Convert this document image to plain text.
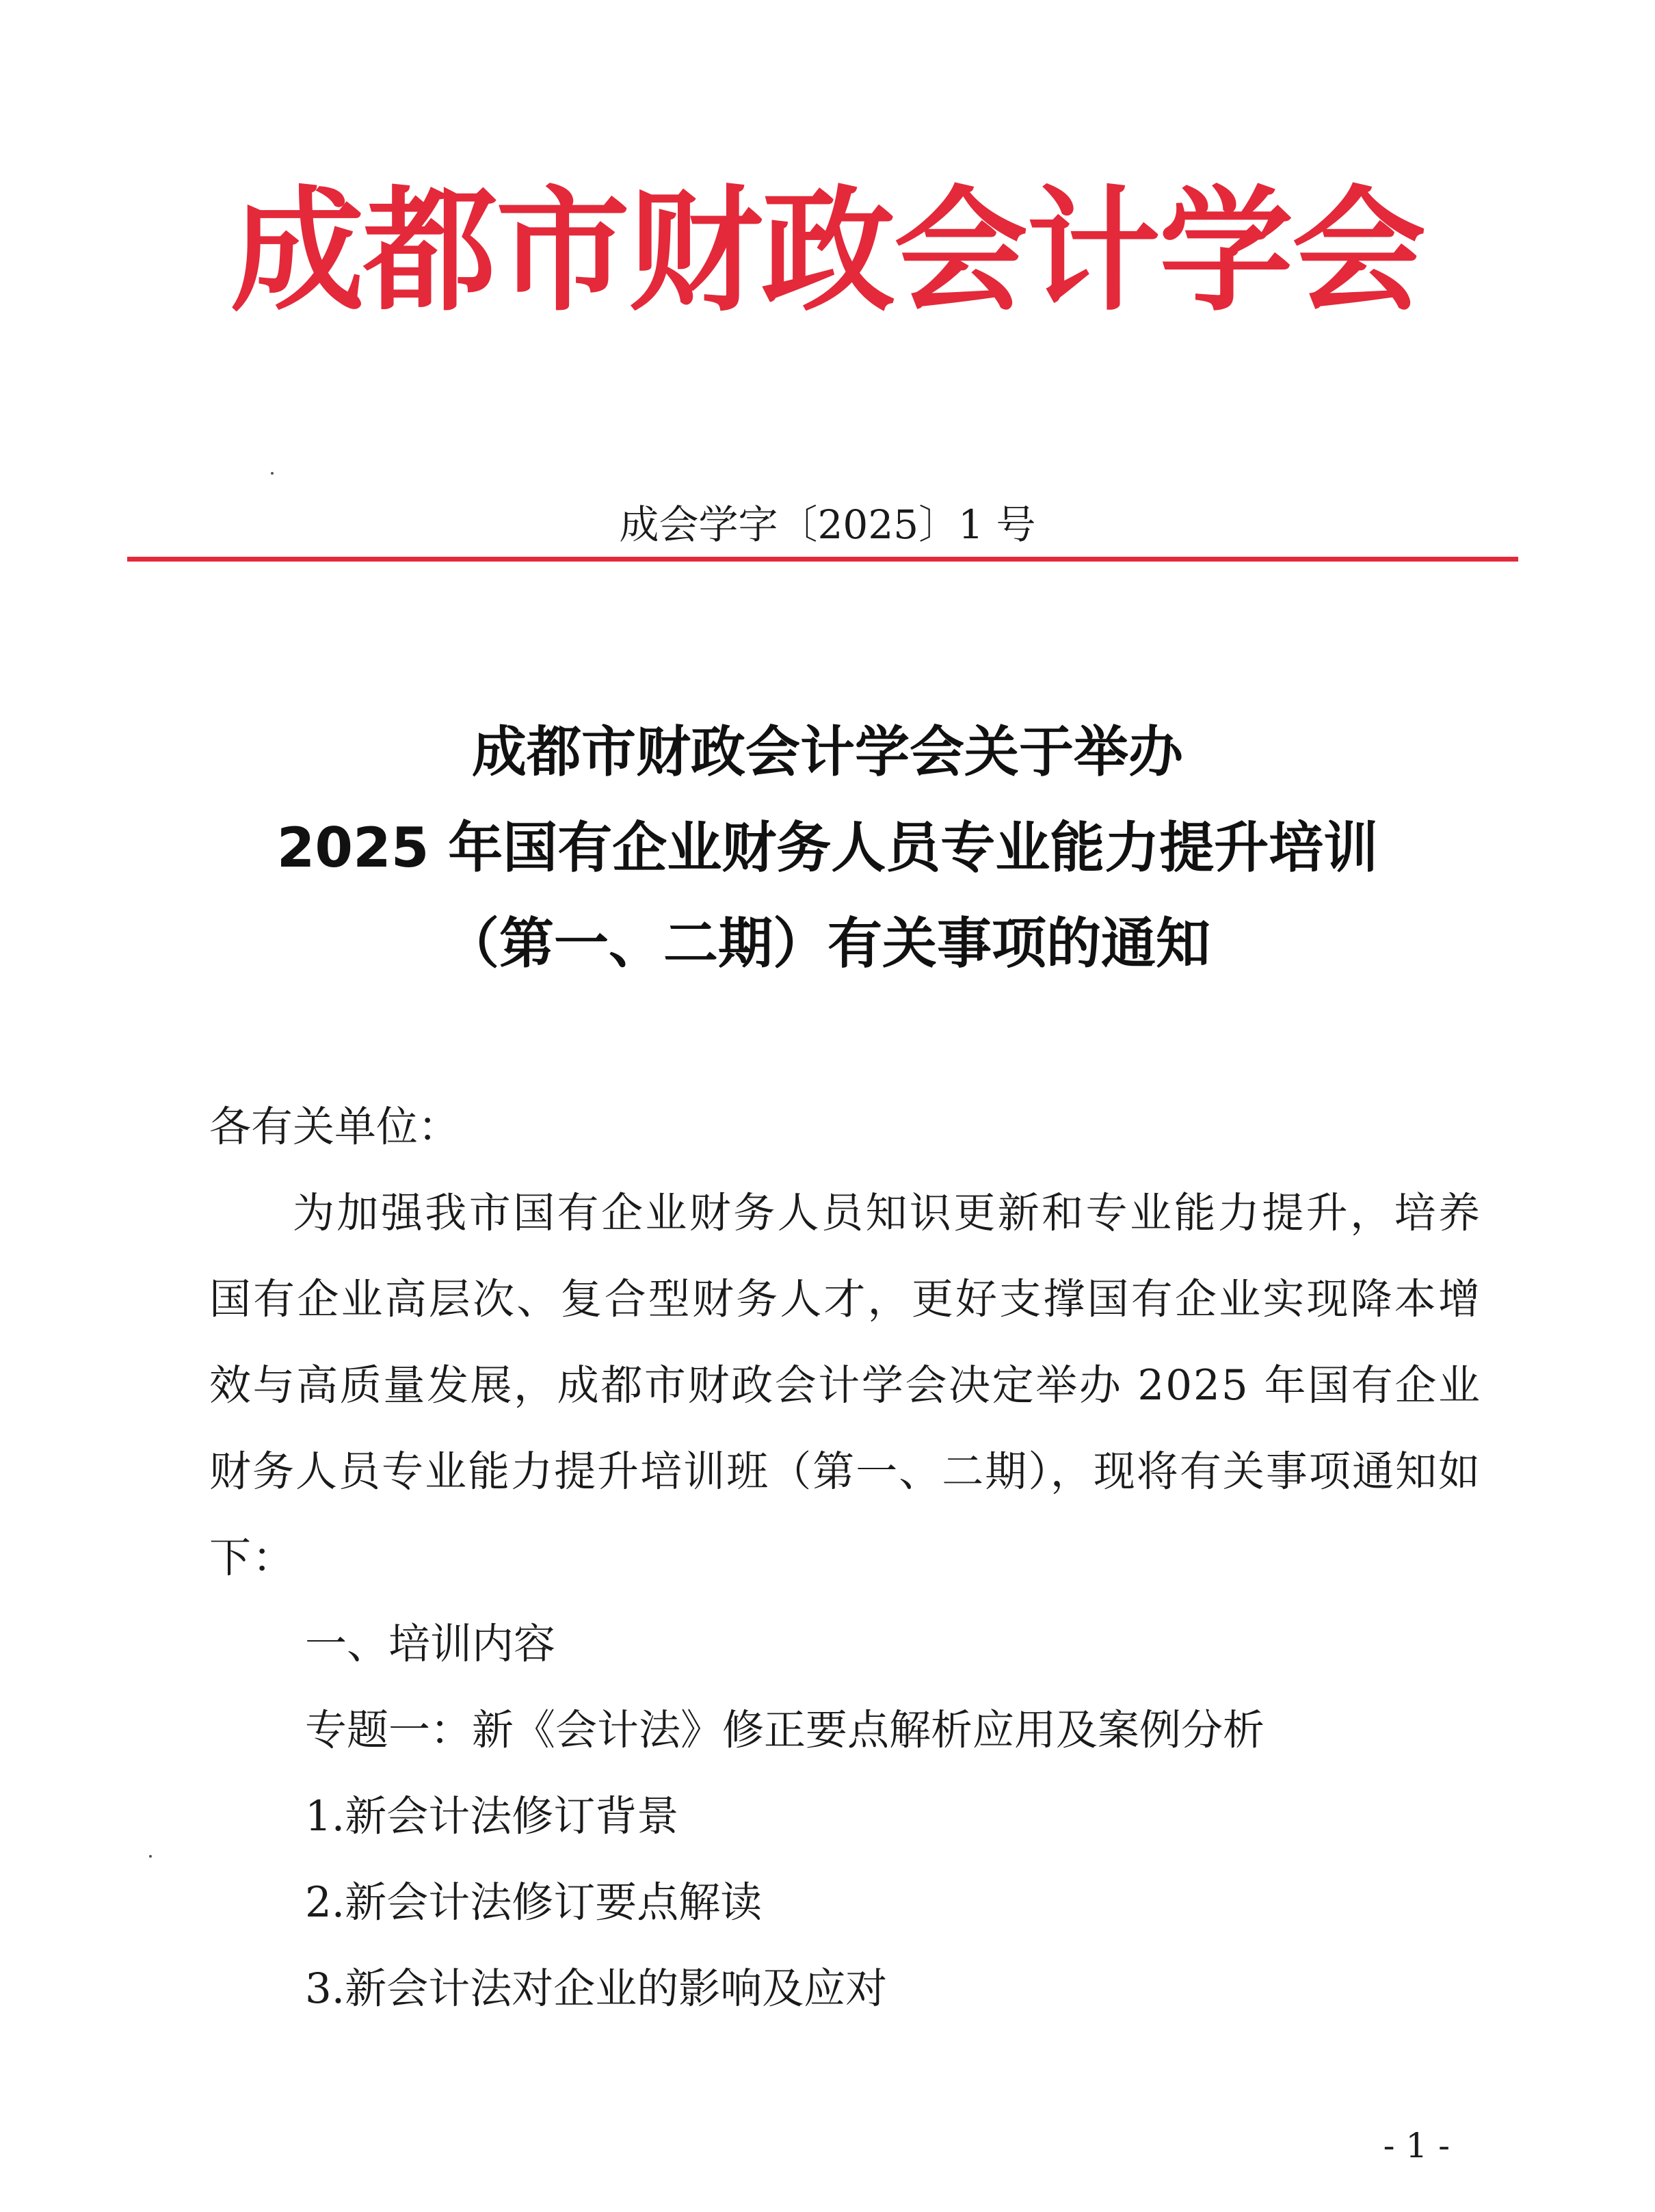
成都市财政会计学会
成会学字〔2025〕1 号
成都市财政会计学会关于举办
2025 年国有企业财务人员专业能力提升培训
（第一、二期）有关事项的通知
各有关单位：
为加强我市国有企业财务人员知识更新和专业能力提升，培养国有企业高层次、复合型财务人才，更好支撑国有企业实现降本增效与高质量发展，成都市财政会计学会决定举办 2025 年国有企业财务人员专业能力提升培训班（第一、二期），现将有关事项通知如下：
一、培训内容
专题一：新《会计法》修正要点解析应用及案例分析
1.新会计法修订背景
2.新会计法修订要点解读
3.新会计法对企业的影响及应对
- 1 -
